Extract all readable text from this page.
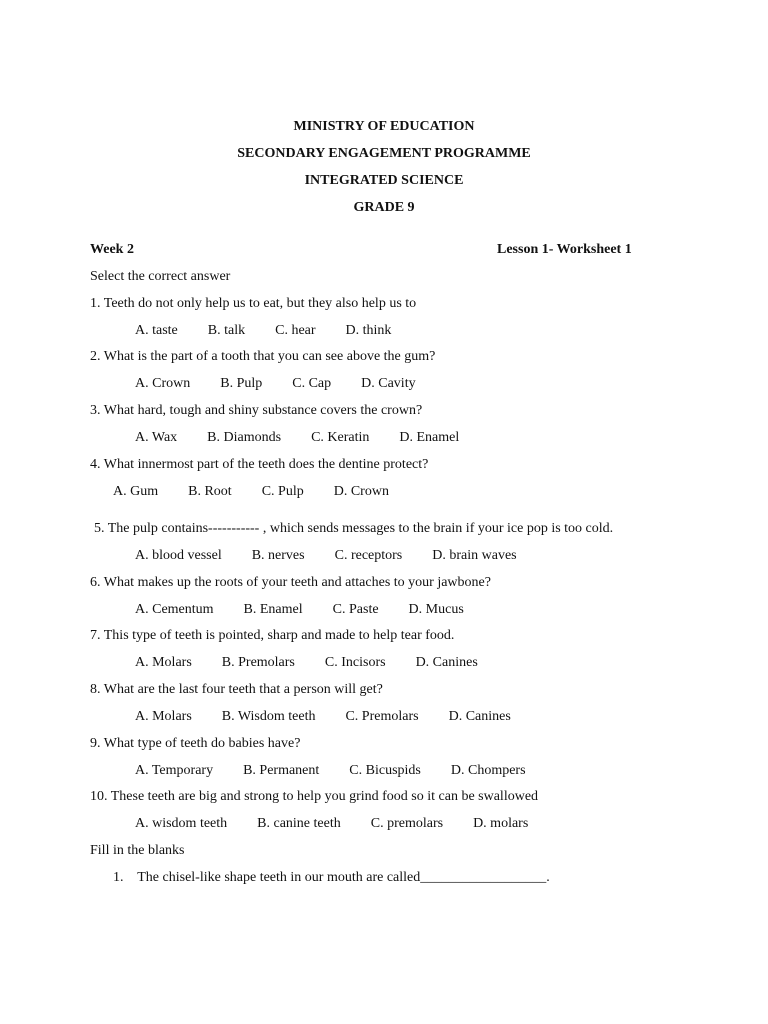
MINISTRY OF EDUCATION
SECONDARY ENGAGEMENT PROGRAMME
INTEGRATED SCIENCE
GRADE 9
Week 2	Lesson 1- Worksheet 1
Select the correct answer
1. Teeth do not only help us to eat, but they also help us to
A. taste B. talk C. hear D. think
2. What is the part of a tooth that you can see above the gum?
A. Crown B. Pulp C. Cap D. Cavity
3. What hard, tough and shiny substance covers the crown?
A. Wax B. Diamonds C. Keratin D. Enamel
4. What innermost part of the teeth does the dentine protect?
A. Gum B. Root C. Pulp D. Crown
5. The pulp contains----------- , which sends messages to the brain if your ice pop is too cold.
A. blood vessel B. nerves C. receptors D. brain waves
6. What makes up the roots of your teeth and attaches to your jawbone?
A. Cementum B. Enamel C. Paste D. Mucus
7. This type of teeth is pointed, sharp and made to help tear food.
A. Molars B. Premolars C. Incisors D. Canines
8. What are the last four teeth that a person will get?
A. Molars B. Wisdom teeth C. Premolars D. Canines
9. What type of teeth do babies have?
A. Temporary B. Permanent C. Bicuspids D. Chompers
10. These teeth are big and strong to help you grind food so it can be swallowed
A. wisdom teeth B. canine teeth C. premolars D. molars
Fill in the blanks
1.    The chisel-like shape teeth in our mouth are called__________________.
